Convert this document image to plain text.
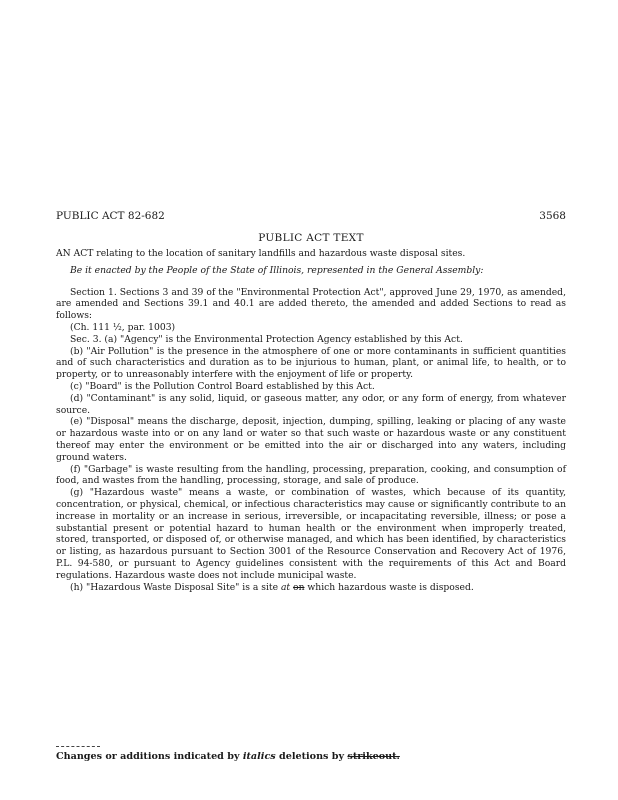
PUBLIC ACT 82-682	3568
PUBLIC ACT TEXT

AN ACT relating to the location of sanitary landfills and hazardous waste disposal sites.

Be it enacted by the People of the State of Illinois, represented in the General Assembly:

Section 1. Sections 3 and 39 of the "Environmental Protection Act", approved June 29, 1970, as amended, are amended and Sections 39.1 and 40.1 are added thereto, the amended and added Sections to read as follows:

(Ch. 111 ½, par. 1003)

Sec. 3. (a) "Agency" is the Environmental Protection Agency established by this Act.

(b) "Air Pollution" is the presence in the atmosphere of one or more contaminants in sufficient quantities and of such characteristics and duration as to be injurious to human, plant, or animal life, to health, or to property, or to unreasonably interfere with the enjoyment of life or property.

(c) "Board" is the Pollution Control Board established by this Act.

(d) "Contaminant" is any solid, liquid, or gaseous matter, any odor, or any form of energy, from whatever source.

(e) "Disposal" means the discharge, deposit, injection, dumping, spilling, leaking or placing of any waste or hazardous waste into or on any land or water so that such waste or hazardous waste or any constituent thereof may enter the environment or be emitted into the air or discharged into any waters, including ground waters.

(f) "Garbage" is waste resulting from the handling, processing, preparation, cooking, and consumption of food, and wastes from the handling, processing, storage, and sale of produce.

(g) "Hazardous waste" means a waste, or combination of wastes, which because of its quantity, concentration, or physical, chemical, or infectious characteristics may cause or significantly contribute to an increase in mortality or an increase in serious, irreversible, or incapacitating reversible, illness; or pose a substantial present or potential hazard to human health or the environment when improperly treated, stored, transported, or disposed of, or otherwise managed, and which has been identified, by characteristics or listing, as hazardous pursuant to Section 3001 of the Resource Conservation and Recovery Act of 1976, P.L. 94-580, or pursuant to Agency guidelines consistent with the requirements of this Act and Board regulations. Hazardous waste does not include municipal waste.

(h) "Hazardous Waste Disposal Site" is a site at on which hazardous waste is disposed.

Changes or additions indicated by italics deletions by strikeout.
